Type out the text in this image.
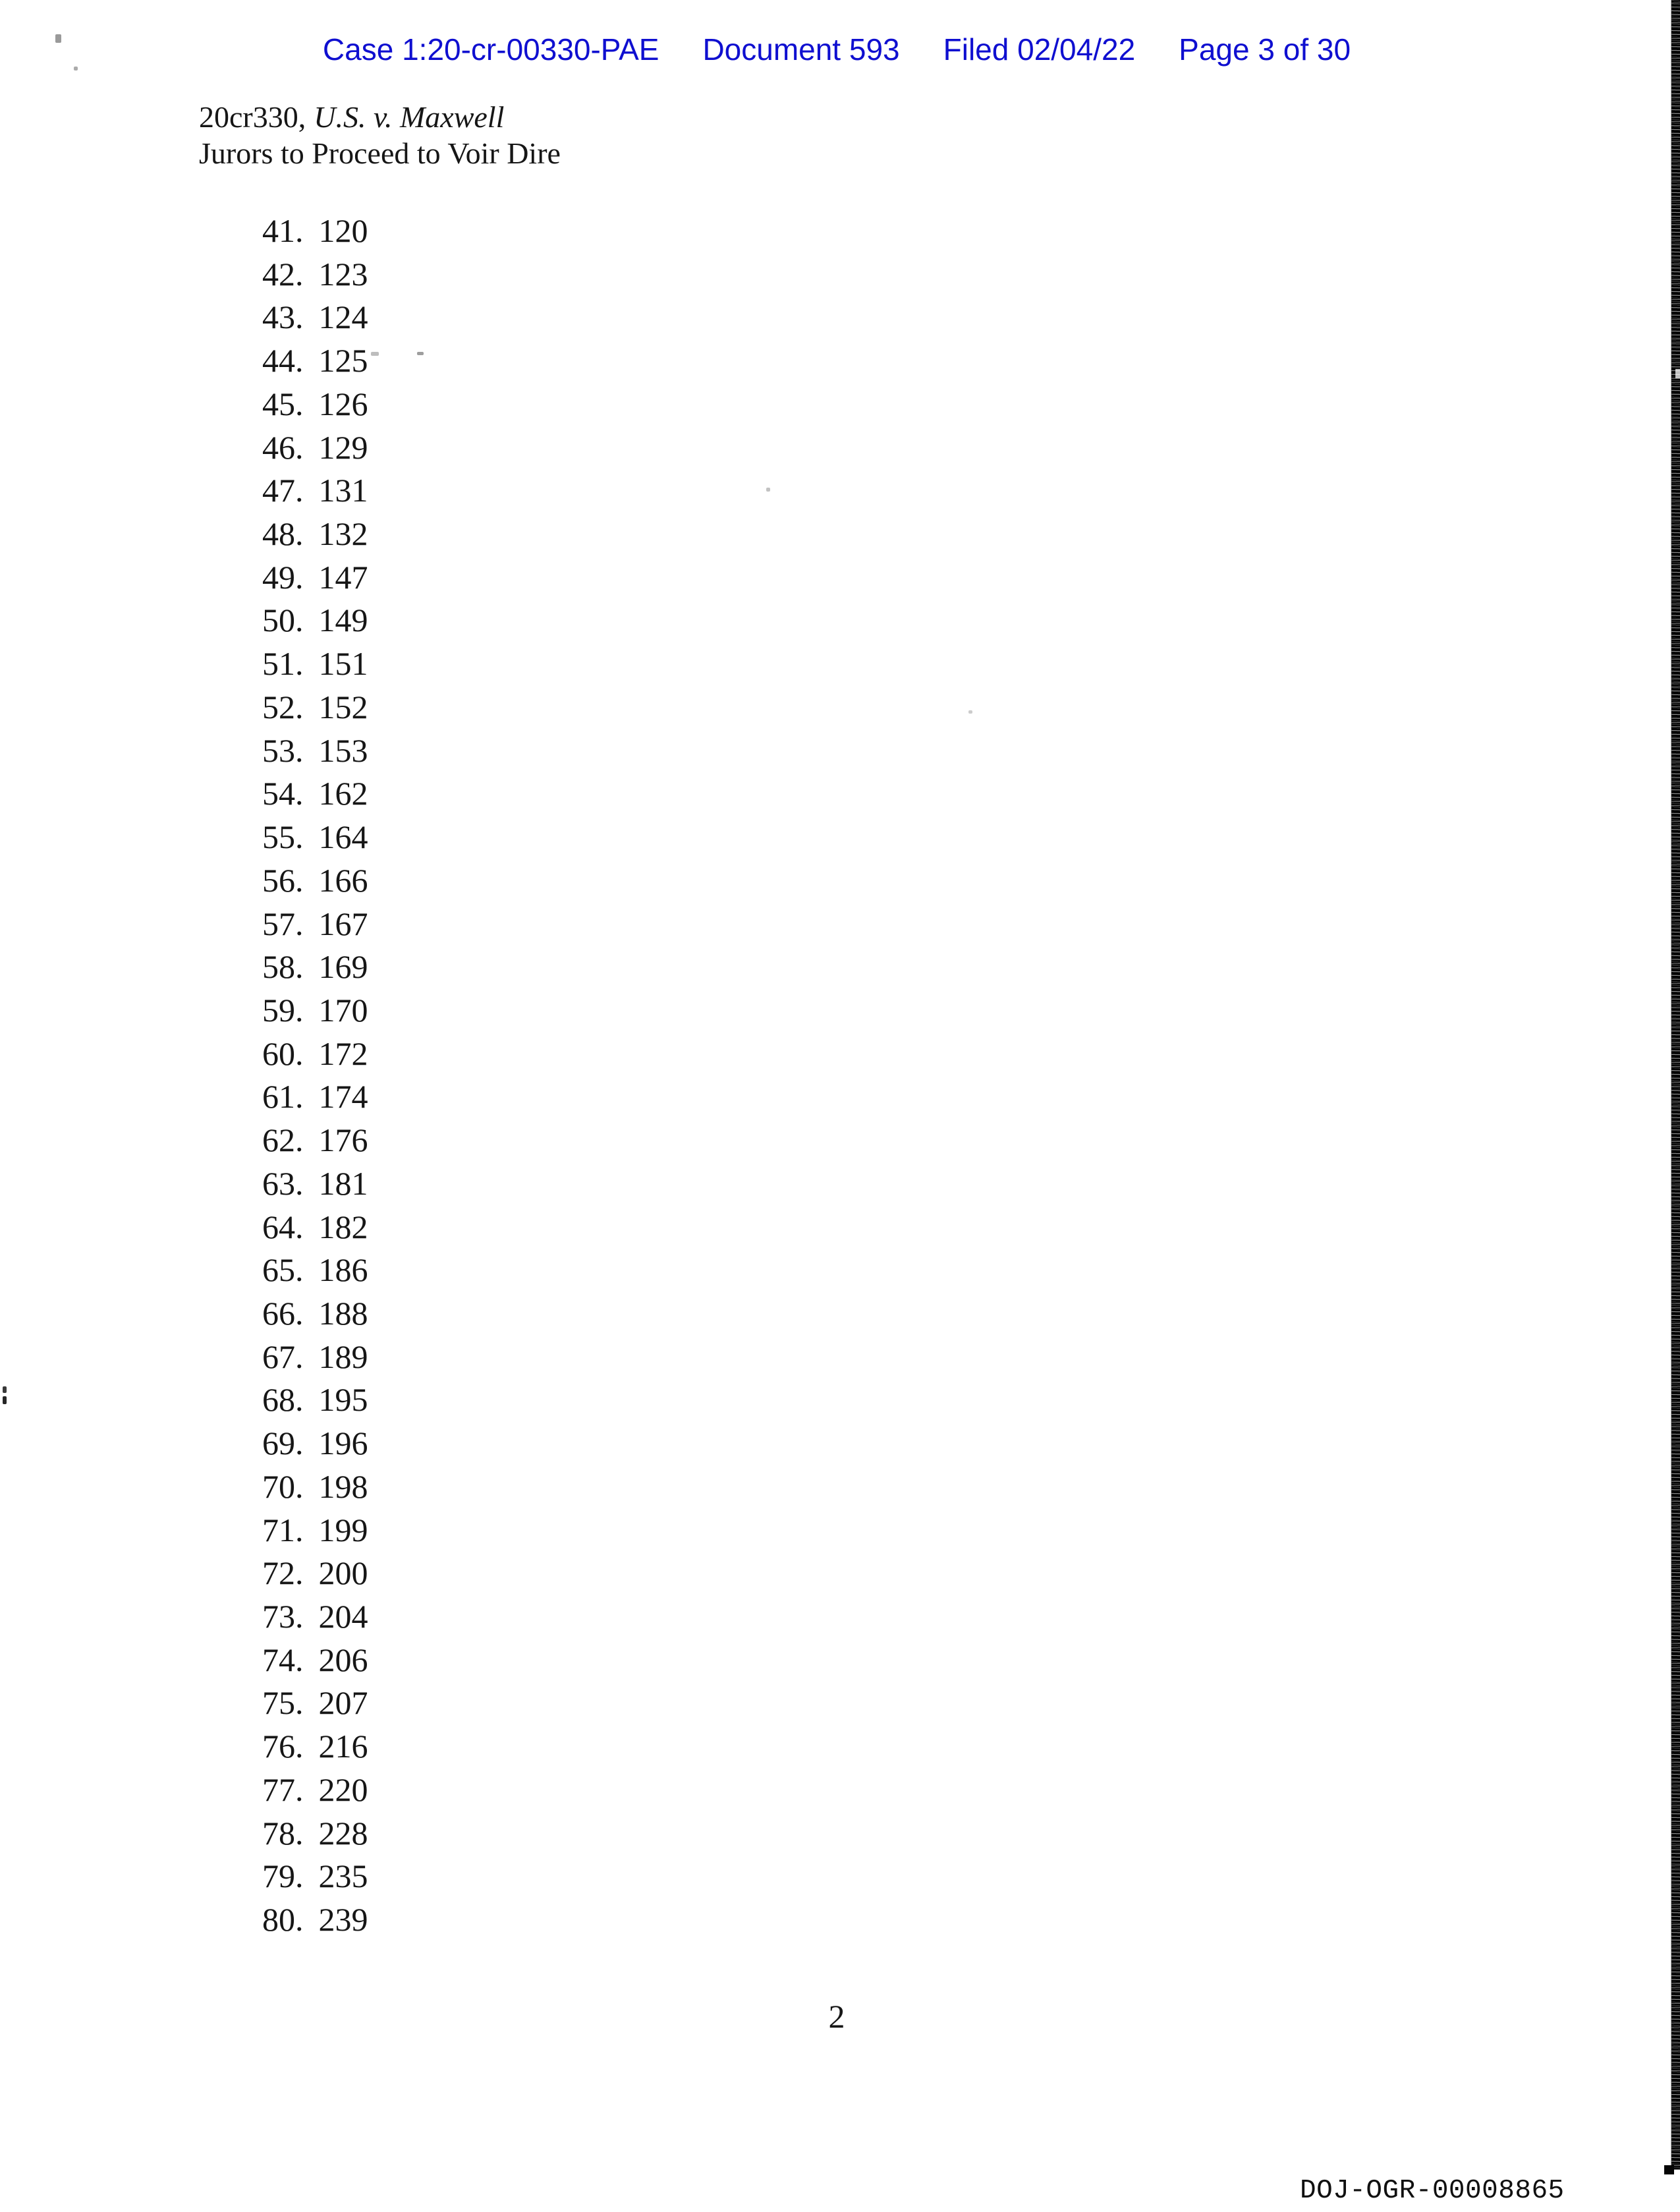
Case 1:20-cr-00330-PAE Document 593 Filed 02/04/22 Page 3 of 30
20cr330, U.S. v. Maxwell
Jurors to Proceed to Voir Dire
41. 120
42. 123
43. 124
44. 125
45. 126
46. 129
47. 131
48. 132
49. 147
50. 149
51. 151
52. 152
53. 153
54. 162
55. 164
56. 166
57. 167
58. 169
59. 170
60. 172
61. 174
62. 176
63. 181
64. 182
65. 186
66. 188
67. 189
68. 195
69. 196
70. 198
71. 199
72. 200
73. 204
74. 206
75. 207
76. 216
77. 220
78. 228
79. 235
80. 239
2
DOJ-OGR-00008865
